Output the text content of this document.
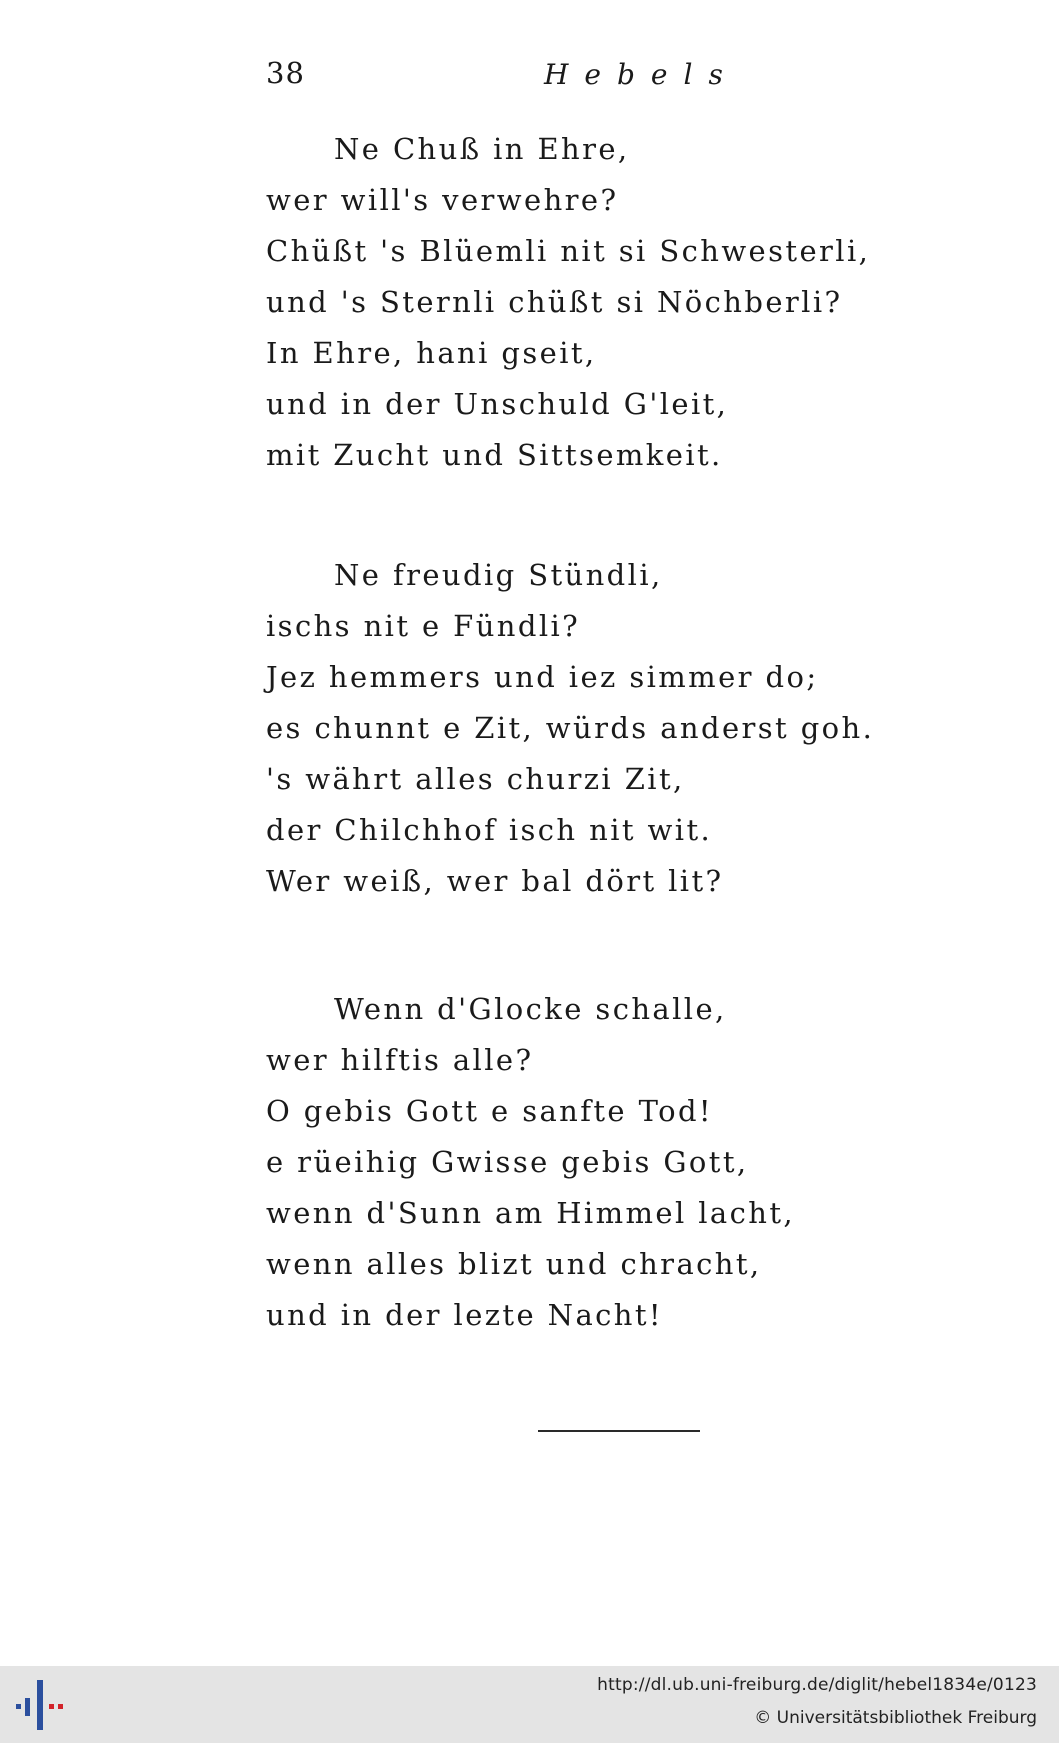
38	Hebels
Ne Chuß in Ehre,
wer will's verwehre?
Chüßt 's Blüemli nit si Schwesterli,
und 's Sternli chüßt si Nöchberli?
In Ehre, hani gseit,
und in der Unschuld G'leit,
mit Zucht und Sittsemkeit.
Ne freudig Stündli,
ischs nit e Fündli?
Jez hemmers und iez simmer do;
es chunnt e Zit, würds anderst goh.
's währt alles churzi Zit,
der Chilchhof isch nit wit.
Wer weiß, wer bal dört lit?
Wenn d'Glocke schalle,
wer hilftis alle?
O gebis Gott e sanfte Tod!
e rüeihig Gwisse gebis Gott,
wenn d'Sunn am Himmel lacht,
wenn alles blizt und chracht,
und in der lezte Nacht!
http://dl.ub.uni-freiburg.de/diglit/hebel1834e/0123
© Universitätsbibliothek Freiburg
